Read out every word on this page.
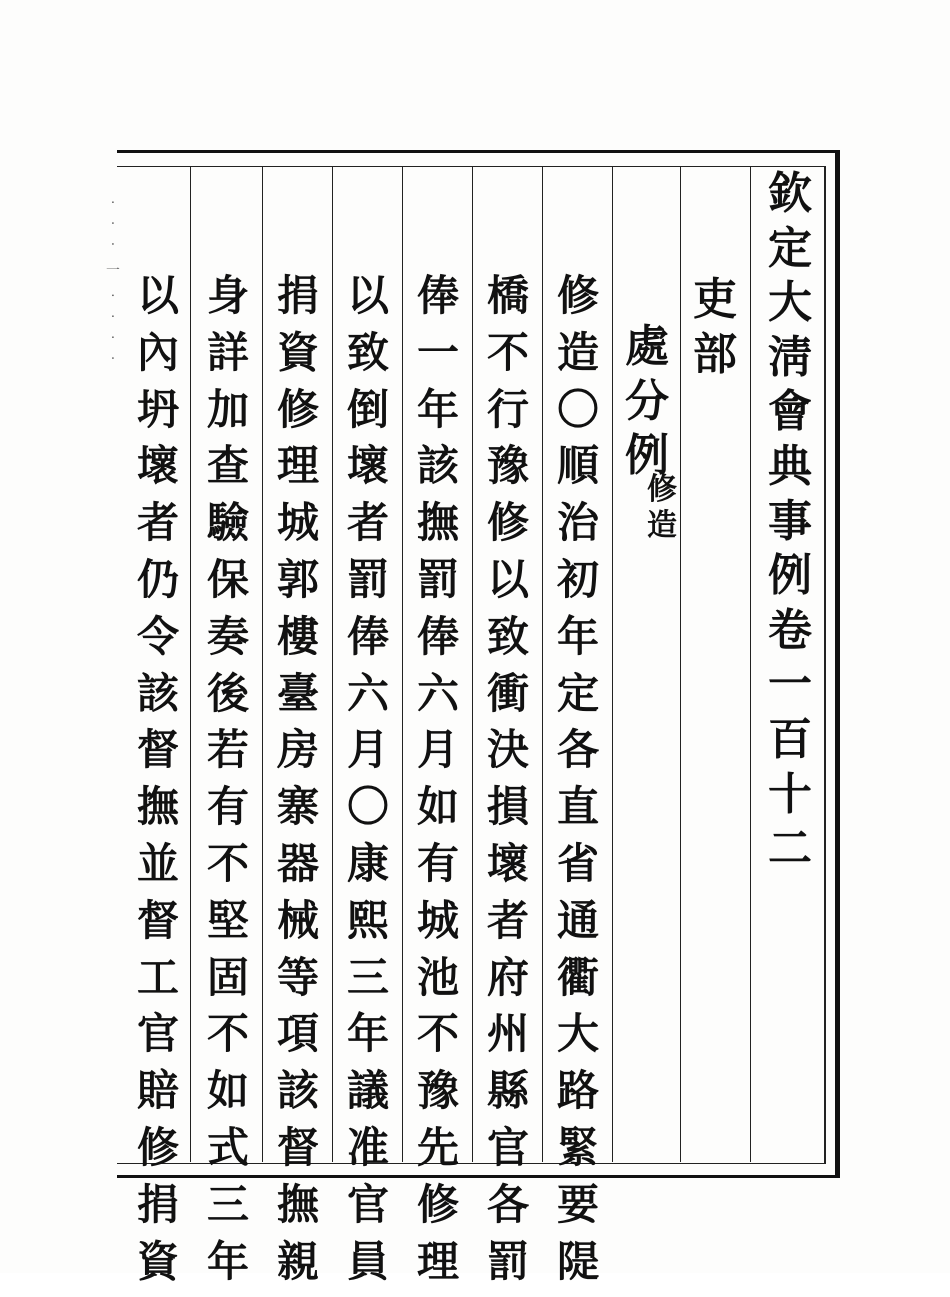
· · · 一 · · · ·
欽
定
大
淸
會
典
事
例
卷
一
百
十
二
吏
部
處
分
例
修
造
修
造
〇
順
治
初
年
定
各
直
省
通
衢
大
路
緊
要
隄
橋
不
行
豫
修
以
致
衝
決
損
壞
者
府
州
縣
官
各
罰
俸
一
年
該
撫
罰
俸
六
月
如
有
城
池
不
豫
先
修
理
以
致
倒
壞
者
罰
俸
六
月
〇
康
熙
三
年
議
准
官
員
捐
資
修
理
城
郭
樓
臺
房
寨
器
械
等
項
該
督
撫
親
身
詳
加
查
驗
保
奏
後
若
有
不
堅
固
不
如
式
三
年
以
內
坍
壞
者
仍
令
該
督
撫
並
督
工
官
賠
修
捐
資
